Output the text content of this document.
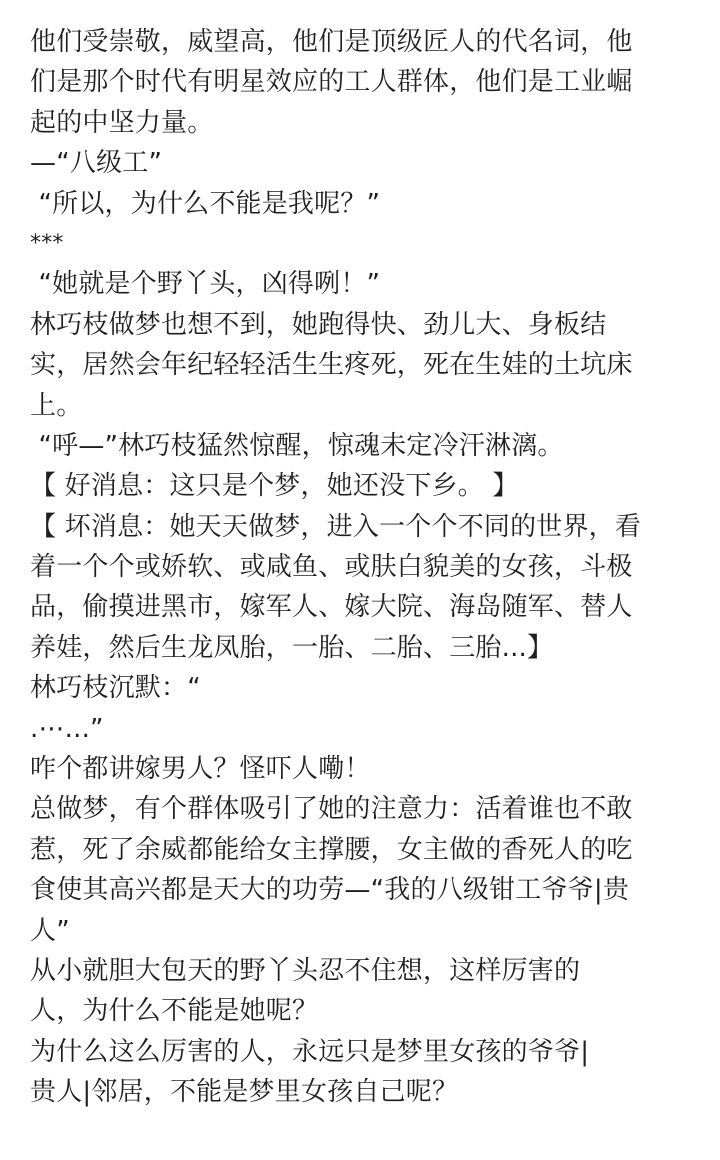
他们受崇敬，威望高，他们是顶级匠人的代名词，他
们是那个时代有明星效应的工人群体，他们是工业崛
起的中坚力量。
—“八级工”
“所以，为什么不能是我呢？”
***
“她就是个野丫头，凶得咧！”
林巧枝做梦也想不到，她跑得快、劲儿大、身板结
实，居然会年纪轻轻活生生疼死，死在生娃的土坑床
上。
“呼—”林巧枝猛然惊醒，惊魂未定冷汗淋漓。
【 好消息：这只是个梦，她还没下乡。 】
【 坏消息：她天天做梦，进入一个个不同的世界，看
着一个个或娇软、或咸鱼、或肤白貌美的女孩，斗极
品，偷摸进黑市，嫁军人、嫁大院、海岛随军、替人
养娃，然后生龙凤胎，一胎、二胎、三胎...】
林巧枝沉默：“
.⋯...”
咋个都讲嫁男人？怪吓人嘞！
总做梦，有个群体吸引了她的注意力：活着谁也不敢
惹，死了余威都能给女主撑腰，女主做的香死人的吃
食使其高兴都是天大的功劳—“我的八级钳工爷爷|贵
人”
从小就胆大包天的野丫头忍不住想，这样厉害的
人，为什么不能是她呢？
为什么这么厉害的人，永远只是梦里女孩的爷爷|
贵人|邻居，不能是梦里女孩自己呢？
